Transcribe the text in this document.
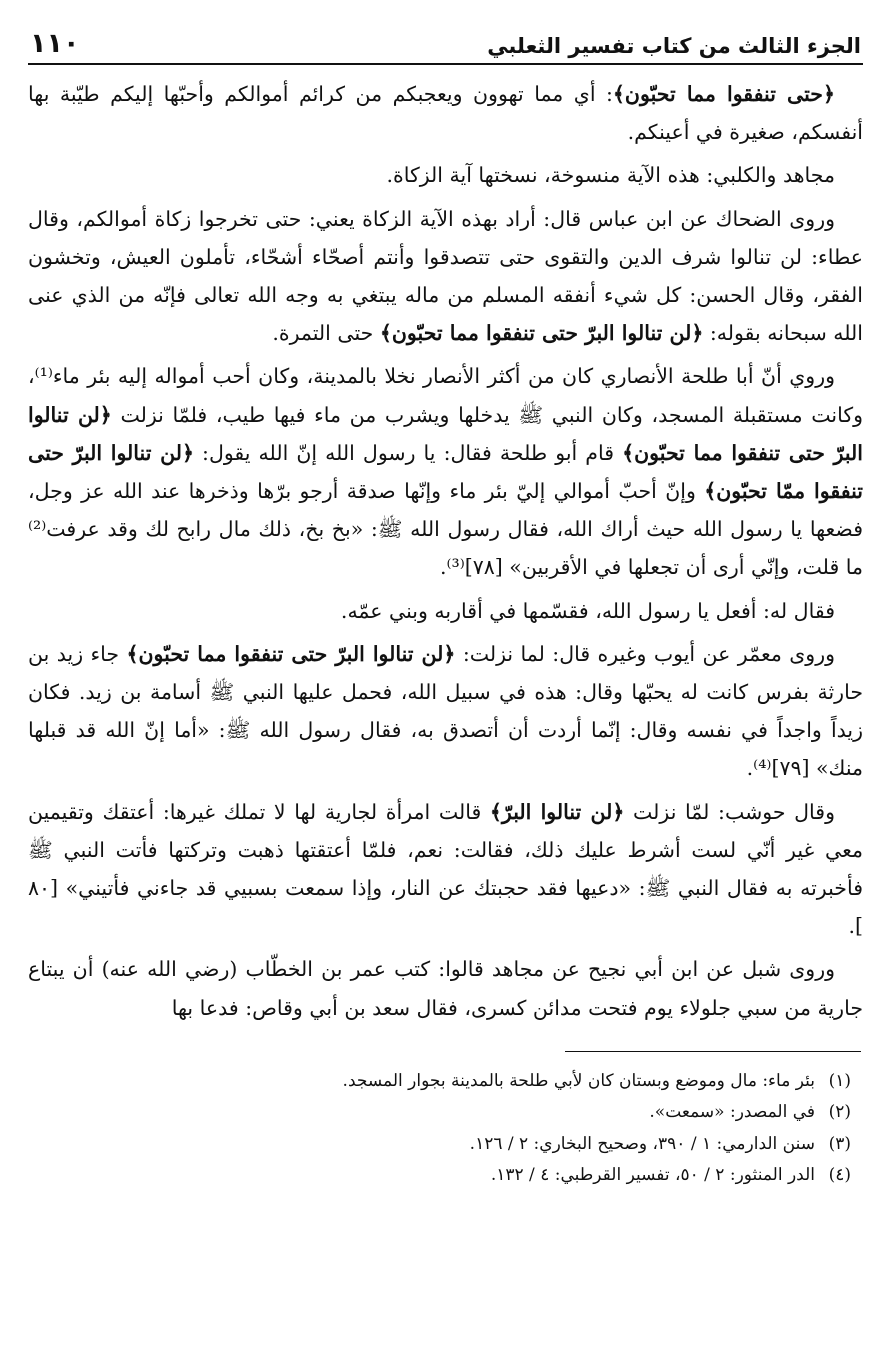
الجزء الثالث من كتاب تفسير الثعلبي
١١٠

﴿حتى تنفقوا مما تحبّون﴾: أي مما تهوون ويعجبكم من كرائم أموالكم وأحبّها إليكم طيّبة بها أنفسكم، صغيرة في أعينكم.

مجاهد والكلبي: هذه الآية منسوخة، نسختها آية الزكاة.

وروى الضحاك عن ابن عباس قال: أراد بهذه الآية الزكاة يعني: حتى تخرجوا زكاة أموالكم، وقال عطاء: لن تنالوا شرف الدين والتقوى حتى تتصدقوا وأنتم أصحّاء أشحّاء، تأملون العيش، وتخشون الفقر، وقال الحسن: كل شيء أنفقه المسلم من ماله يبتغي به وجه الله تعالى فإنّه من الذي عنى الله سبحانه بقوله: ﴿لن تنالوا البرّ حتى تنفقوا مما تحبّون﴾ حتى التمرة.

وروي أنّ أبا طلحة الأنصاري كان من أكثر الأنصار نخلا بالمدينة، وكان أحب أمواله إليه بئر ماء⁽¹⁾، وكانت مستقبلة المسجد، وكان النبي ﷺ يدخلها ويشرب من ماء فيها طيب، فلمّا نزلت ﴿لن تنالوا البرّ حتى تنفقوا مما تحبّون﴾ قام أبو طلحة فقال: يا رسول الله إنّ الله يقول: ﴿لن تنالوا البرّ حتى تنفقوا ممّا تحبّون﴾ وإنّ أحبّ أموالي إليّ بئر ماء وإنّها صدقة أرجو برّها وذخرها عند الله عز وجل، فضعها يا رسول الله حيث أراك الله، فقال رسول الله ﷺ: «بخ بخ، ذلك مال رابح لك وقد عرفت⁽²⁾ ما قلت، وإنّي أرى أن تجعلها في الأقربين» [٧٨]⁽³⁾.

فقال له: أفعل يا رسول الله، فقسّمها في أقاربه وبني عمّه.

وروى معمّر عن أيوب وغيره قال: لما نزلت: ﴿لن تنالوا البرّ حتى تنفقوا مما تحبّون﴾ جاء زيد بن حارثة بفرس كانت له يحبّها وقال: هذه في سبيل الله، فحمل عليها النبي ﷺ أسامة بن زيد. فكان زيداً واجداً في نفسه وقال: إنّما أردت أن أتصدق به، فقال رسول الله ﷺ: «أما إنّ الله قد قبلها منك» [٧٩]⁽⁴⁾.

وقال حوشب: لمّا نزلت ﴿لن تنالوا البرّ﴾ قالت امرأة لجارية لها لا تملك غيرها: أعتقك وتقيمين معي غير أنّي لست أشرط عليك ذلك، فقالت: نعم، فلمّا أعتقتها ذهبت وتركتها فأتت النبي ﷺ فأخبرته به فقال النبي ﷺ: «دعيها فقد حجبتك عن النار، وإذا سمعت بسبيي قد جاءني فأتيني» [٨٠ ].

وروى شبل عن ابن أبي نجيح عن مجاهد قالوا: كتب عمر بن الخطّاب (رضي الله عنه) أن يبتاع جارية من سبي جلولاء يوم فتحت مدائن كسرى، فقال سعد بن أبي وقاص: فدعا بها

(١)
بئر ماء: مال وموضع وبستان كان لأبي طلحة بالمدينة بجوار المسجد.
(٢)
في المصدر: «سمعت».
(٣)
سنن الدارمي: ١ / ٣٩٠، وصحيح البخاري: ٢ / ١٢٦.
(٤)
الدر المنثور: ٢ / ٥٠، تفسير القرطبي: ٤ / ١٣٢.
